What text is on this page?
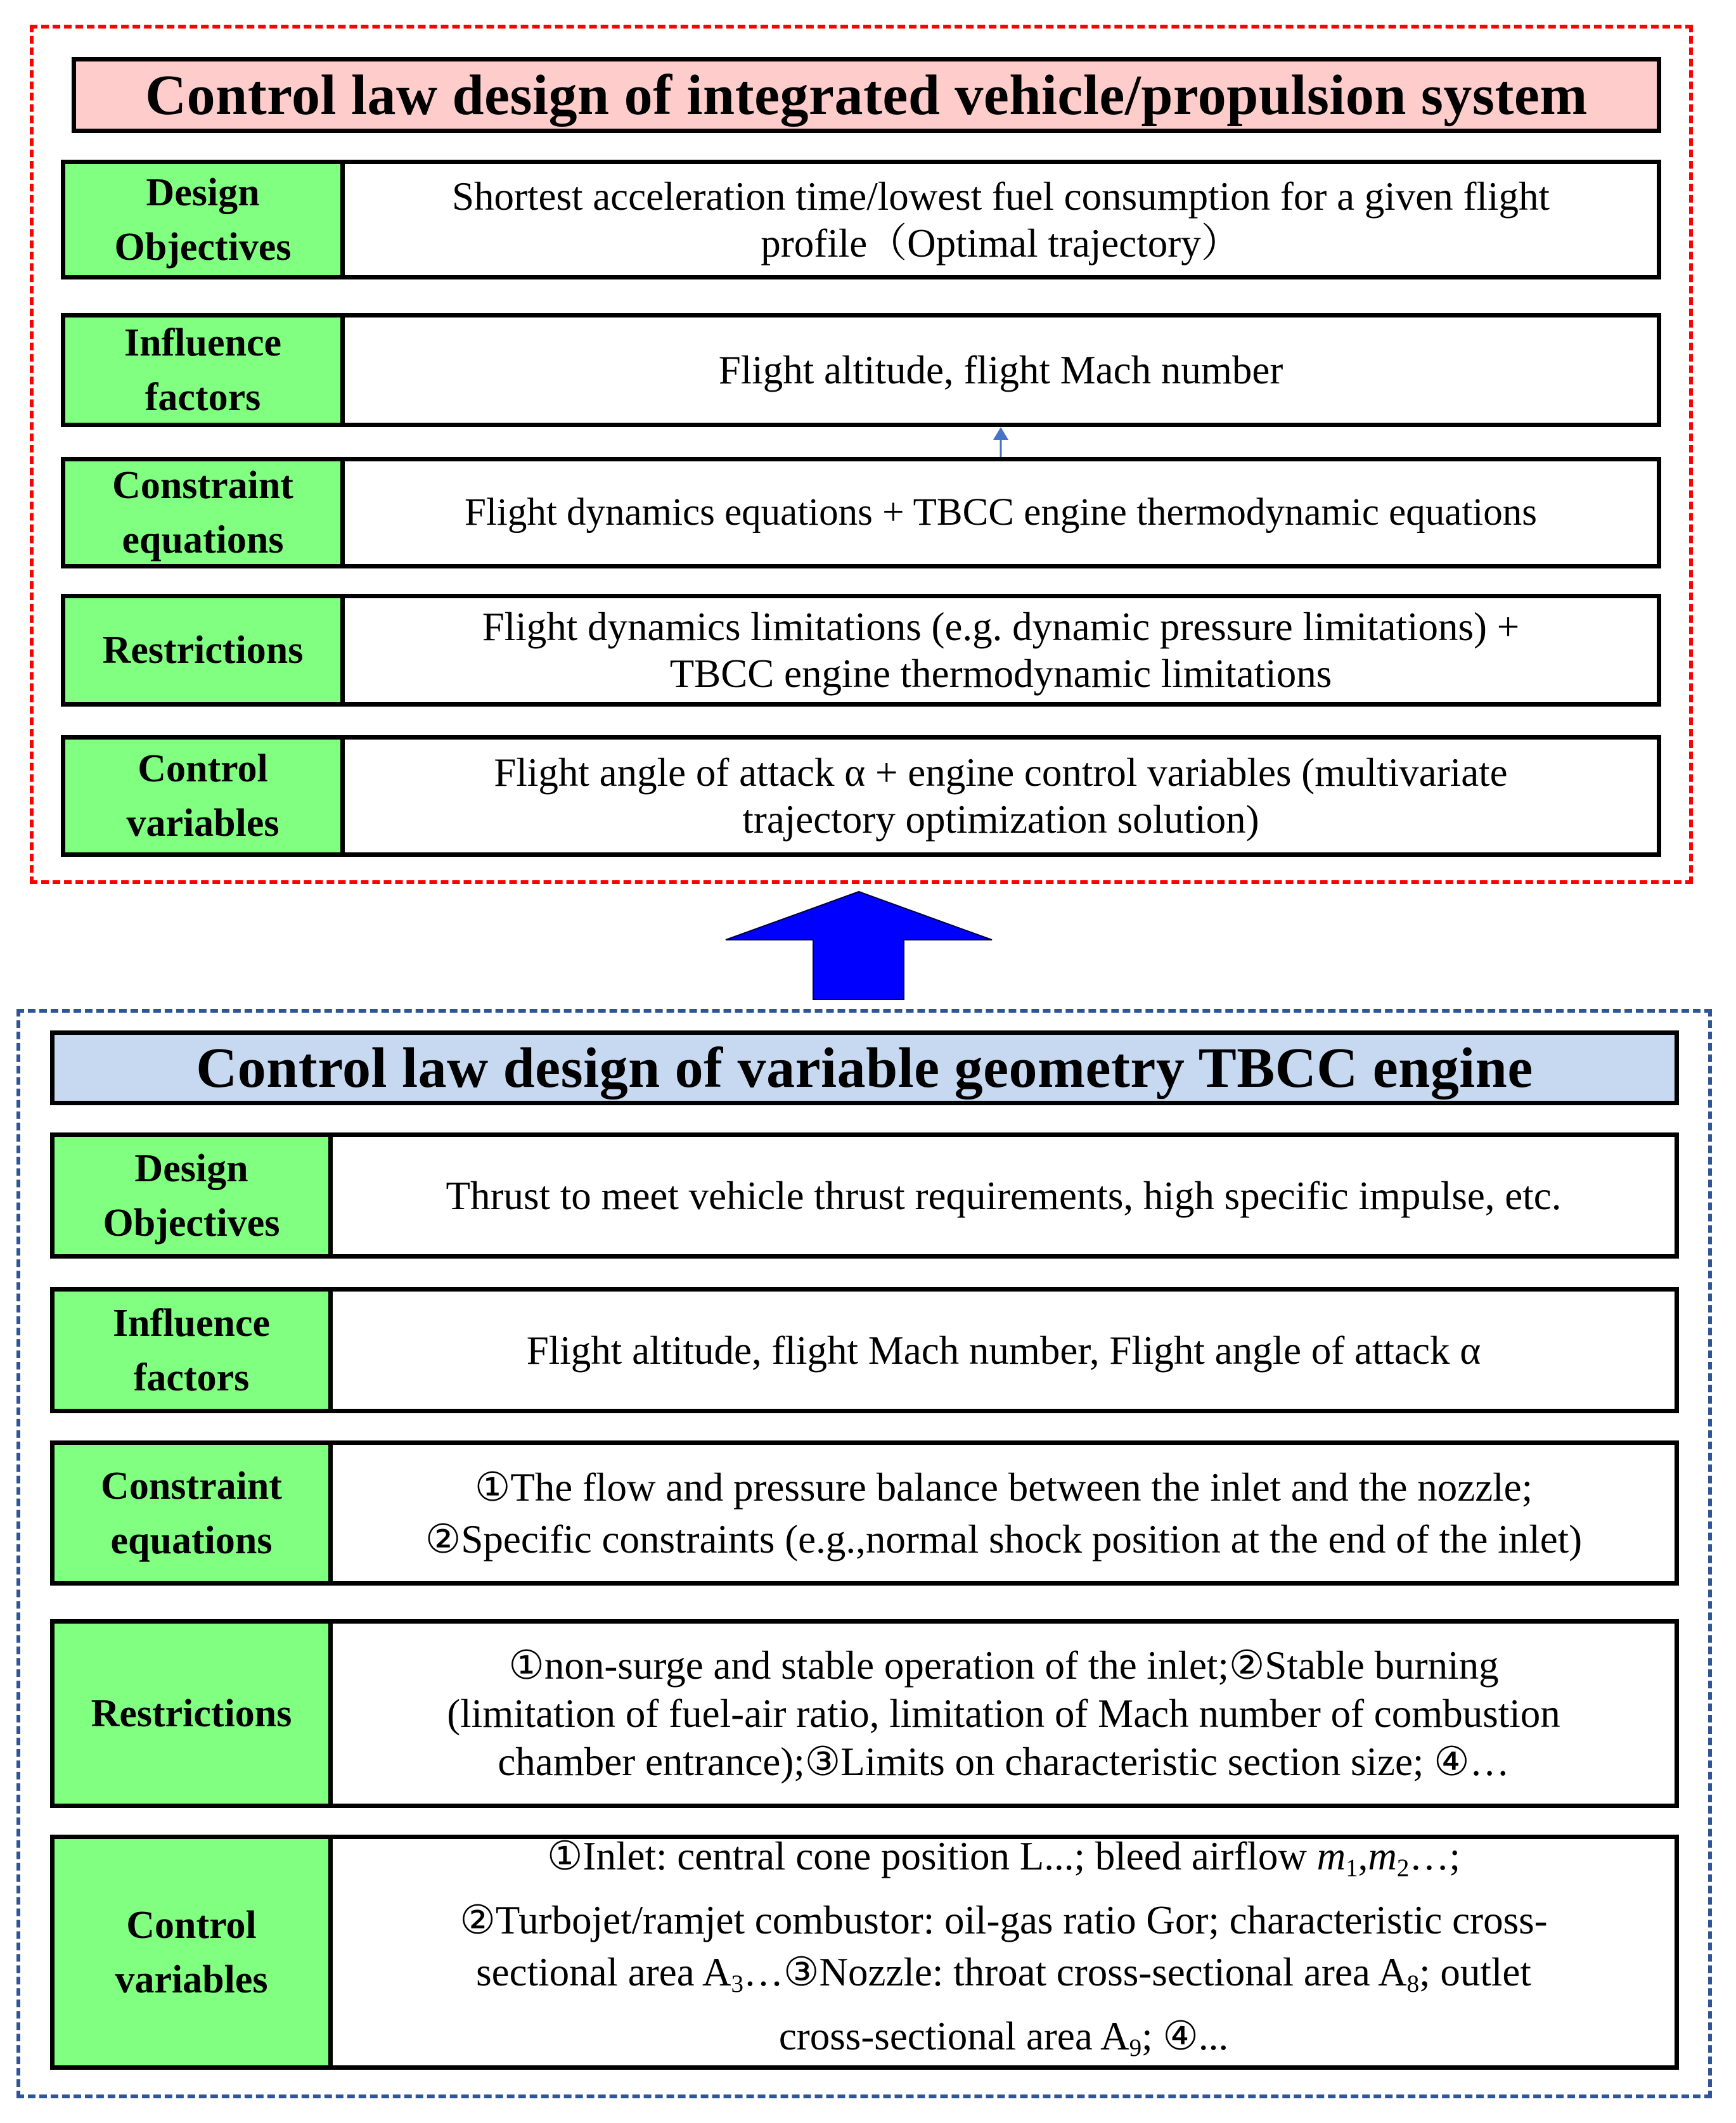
Control law design of integrated vehicle/propulsion system
Design
Objectives
Shortest acceleration time/lowest fuel consumption for a given flight
profile（Optimal trajectory）
Influence
factors
Flight altitude, flight Mach number
Constraint
equations
Flight dynamics equations + TBCC engine thermodynamic equations
Restrictions
Flight dynamics limitations (e.g. dynamic pressure limitations) +
TBCC engine thermodynamic limitations
Control
variables
Flight angle of attack α + engine control variables (multivariate
trajectory optimization solution)
Control law design of variable geometry TBCC engine
Design
Objectives
Thrust to meet vehicle thrust requirements, high specific impulse, etc.
Influence
factors
Flight altitude, flight Mach number, Flight angle of attack α
Constraint
equations
①The flow and pressure balance between the inlet and the nozzle;
②Specific constraints (e.g.,normal shock position at the end of the inlet)
Restrictions
①non-surge and stable operation of the inlet;②Stable burning
(limitation of fuel-air ratio, limitation of Mach number of combustion
chamber entrance);③Limits on characteristic section size; ④…
Control
variables
①Inlet: central cone position L...; bleed airflow $m_1,m_2\dots$;
②Turbojet/ramjet combustor: oil-gas ratio Gor; characteristic cross-
sectional area $A_3\dots ③Nozzle$: throat cross-sectional area $A_8$; outlet
cross-sectional area $A_9$; ④...
